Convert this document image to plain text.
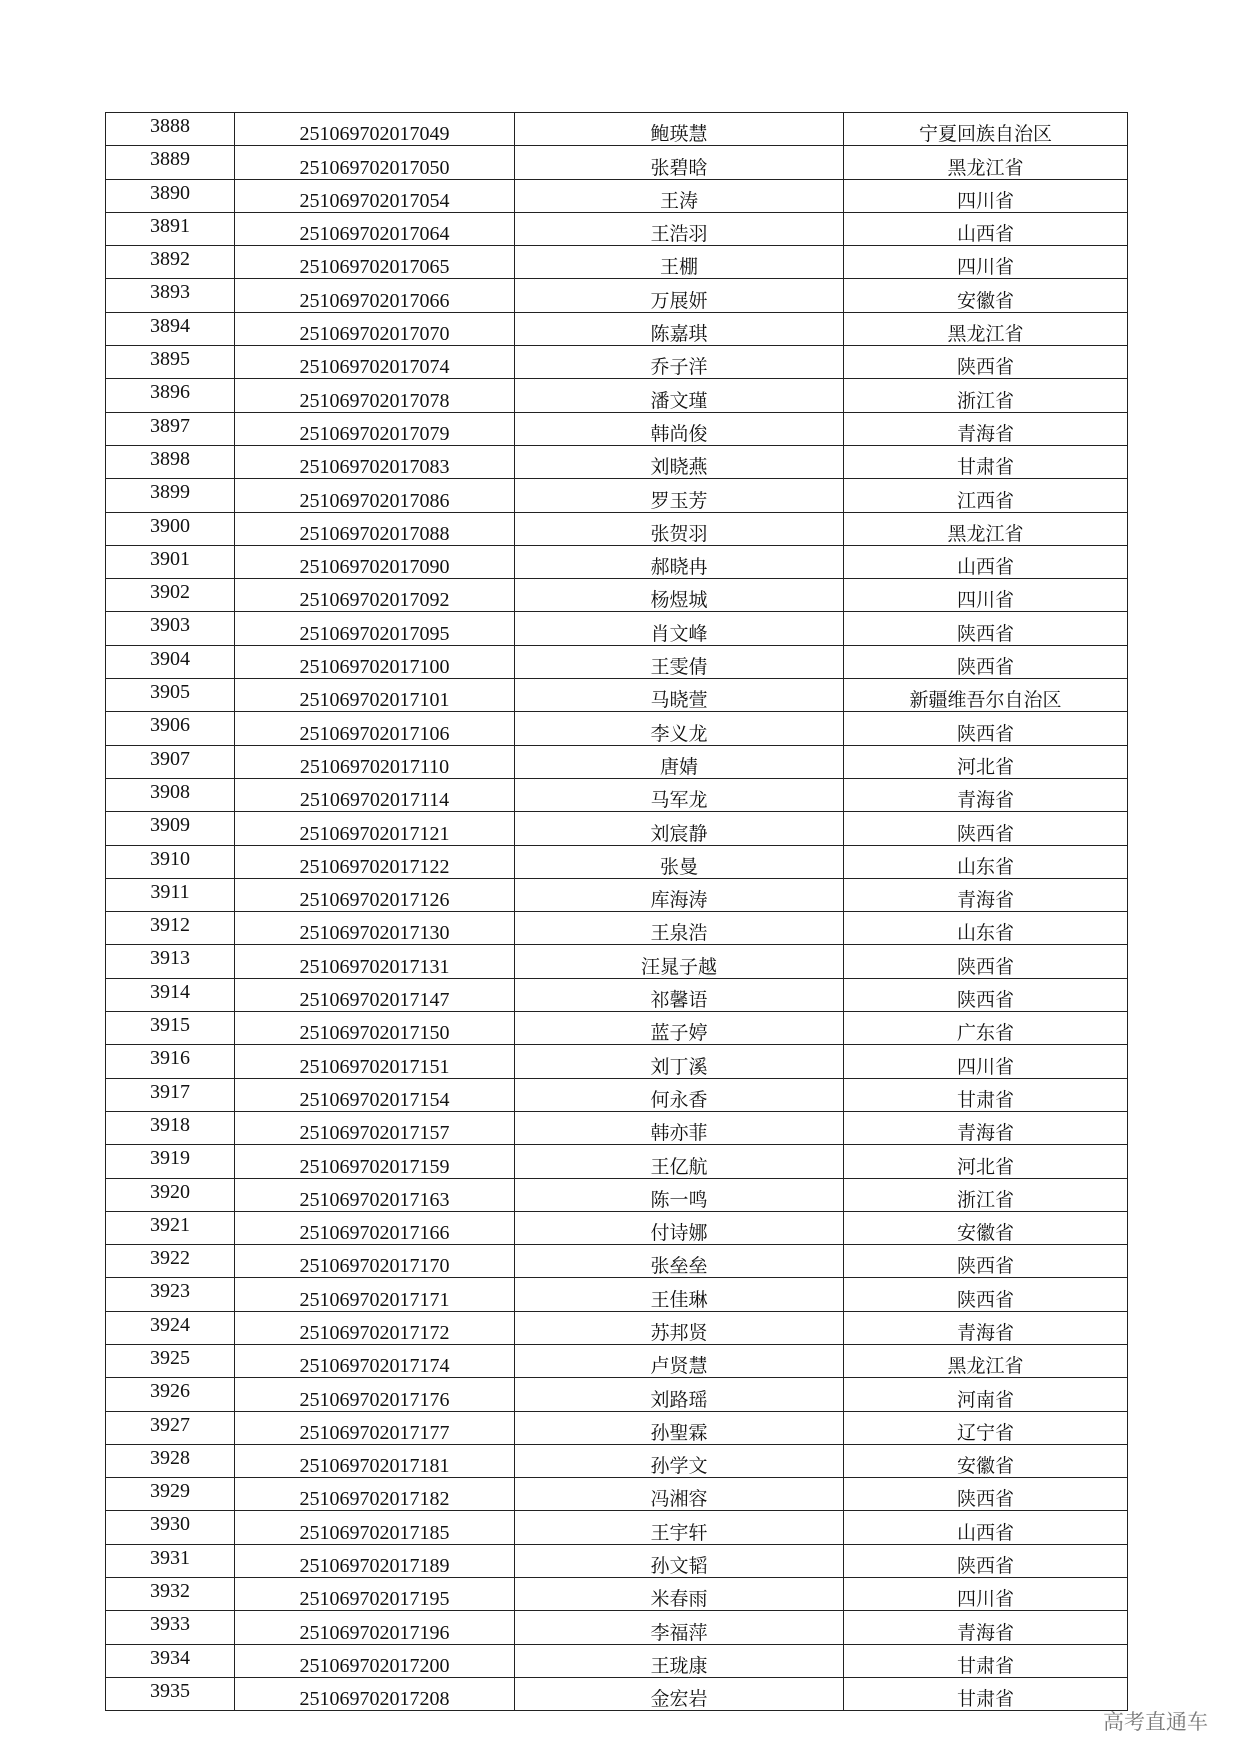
3888	251069702017049	鲍瑛慧	宁夏回族自治区
3889	251069702017050	张碧晗	黑龙江省
3890	251069702017054	王涛	四川省
3891	251069702017064	王浩羽	山西省
3892	251069702017065	王棚	四川省
3893	251069702017066	万展妍	安徽省
3894	251069702017070	陈嘉琪	黑龙江省
3895	251069702017074	乔子洋	陕西省
3896	251069702017078	潘文瑾	浙江省
3897	251069702017079	韩尚俊	青海省
3898	251069702017083	刘晓燕	甘肃省
3899	251069702017086	罗玉芳	江西省
3900	251069702017088	张贺羽	黑龙江省
3901	251069702017090	郝晓冉	山西省
3902	251069702017092	杨煜城	四川省
3903	251069702017095	肖文峰	陕西省
3904	251069702017100	王雯倩	陕西省
3905	251069702017101	马晓萱	新疆维吾尔自治区
3906	251069702017106	李义龙	陕西省
3907	251069702017110	唐婧	河北省
3908	251069702017114	马军龙	青海省
3909	251069702017121	刘宸静	陕西省
3910	251069702017122	张曼	山东省
3911	251069702017126	库海涛	青海省
3912	251069702017130	王泉浩	山东省
3913	251069702017131	汪晁子越	陕西省
3914	251069702017147	祁馨语	陕西省
3915	251069702017150	蓝子婷	广东省
3916	251069702017151	刘丁溪	四川省
3917	251069702017154	何永香	甘肃省
3918	251069702017157	韩亦菲	青海省
3919	251069702017159	王亿航	河北省
3920	251069702017163	陈一鸣	浙江省
3921	251069702017166	付诗娜	安徽省
3922	251069702017170	张垒垒	陕西省
3923	251069702017171	王佳琳	陕西省
3924	251069702017172	苏邦贤	青海省
3925	251069702017174	卢贤慧	黑龙江省
3926	251069702017176	刘路瑶	河南省
3927	251069702017177	孙聖霖	辽宁省
3928	251069702017181	孙学文	安徽省
3929	251069702017182	冯湘容	陕西省
3930	251069702017185	王宇轩	山西省
3931	251069702017189	孙文韬	陕西省
3932	251069702017195	米春雨	四川省
3933	251069702017196	李福萍	青海省
3934	251069702017200	王珑康	甘肃省
3935	251069702017208	金宏岩	甘肃省
高考直通车
